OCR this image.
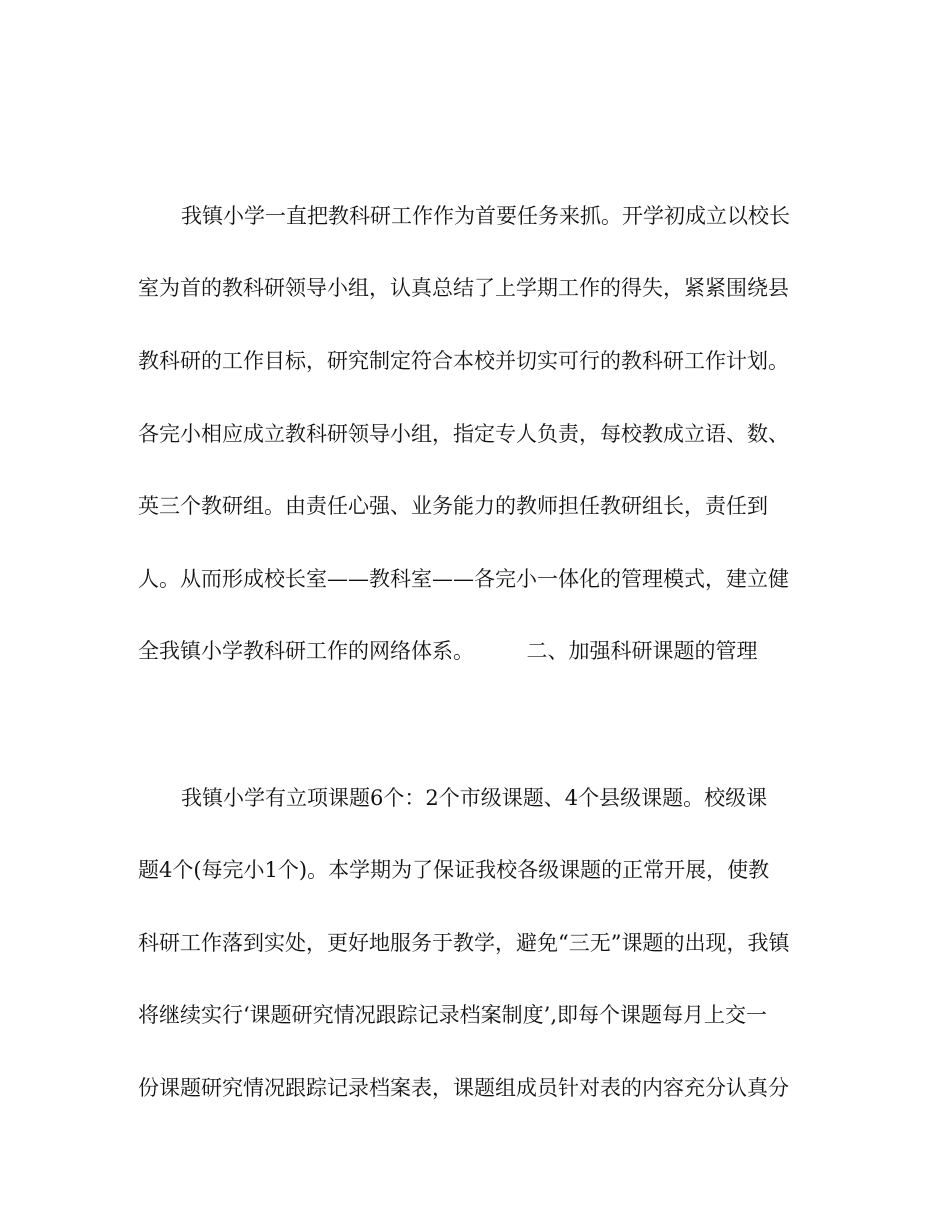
我镇小学一直把教科研工作作为首要任务来抓。开学初成立以校长
室为首的教科研领导小组，认真总结了上学期工作的得失，紧紧围绕县
教科研的工作目标，研究制定符合本校并切实可行的教科研工作计划。
各完小相应成立教科研领导小组，指定专人负责，每校教成立语、数、
英三个教研组。由责任心强、业务能力的教师担任教研组长，责任到
人。从而形成校长室——教科室——各完小一体化的管理模式，建立健
全我镇小学教科研工作的网络体系。　　　二、加强科研课题的管理
我镇小学有立项课题6个：2个市级课题、4个县级课题。校级课
题4个(每完小1个)。本学期为了保证我校各级课题的正常开展，使教
科研工作落到实处，更好地服务于教学，避免“三无”课题的出现，我镇
将继续实行‘课题研究情况跟踪记录档案制度’,即每个课题每月上交一
份课题研究情况跟踪记录档案表，课题组成员针对表的内容充分认真分
